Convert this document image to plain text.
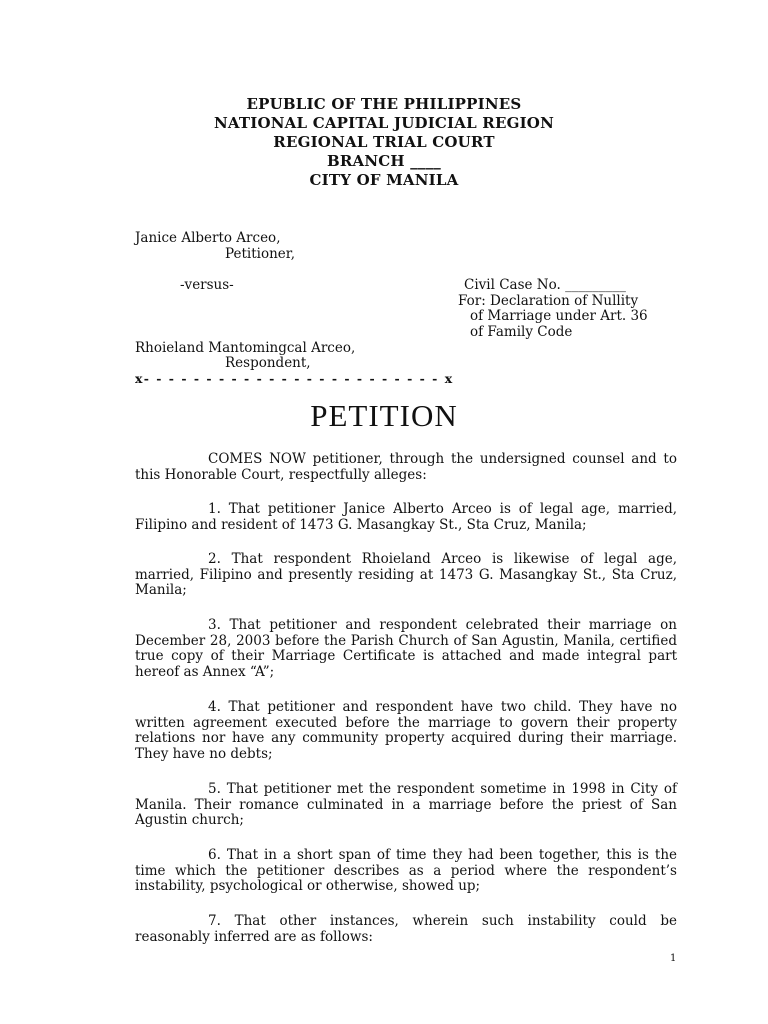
EPUBLIC OF THE PHILIPPINES
NATIONAL CAPITAL JUDICIAL REGION
REGIONAL TRIAL COURT
BRANCH ____
CITY OF MANILA
Janice Alberto Arceo,
Petitioner,
-versus-	Civil Case No. _________
For: Declaration of Nullity
of Marriage under Art. 36
of Family Code
Rhoieland Mantomingcal Arceo,
Respondent,
x- - - - - - - - - - - - - - - - - - - - - - - - x
PETITION
COMES NOW petitioner, through the undersigned counsel and to this Honorable Court, respectfully alleges:
1. That petitioner Janice Alberto Arceo is of legal age, married, Filipino and resident of 1473 G. Masangkay St., Sta Cruz, Manila;
2. That respondent Rhoieland Arceo is likewise of legal age, married, Filipino and presently residing at 1473 G. Masangkay St., Sta Cruz, Manila;
3. That petitioner and respondent celebrated their marriage on December 28, 2003 before the Parish Church of San Agustin, Manila, certified true copy of their Marriage Certificate is attached and made integral part hereof as Annex “A”;
4. That petitioner and respondent have two child. They have no written agreement executed before the marriage to govern their property relations nor have any community property acquired during their marriage. They have no debts;
5. That petitioner met the respondent sometime in 1998 in City of Manila. Their romance culminated in a marriage before the priest of San Agustin church;
6. That in a short span of time they had been together, this is the time which the petitioner describes as a period where the respondent’s instability, psychological or otherwise, showed up;
7. That other instances, wherein such instability could be reasonably inferred are as follows:
1
